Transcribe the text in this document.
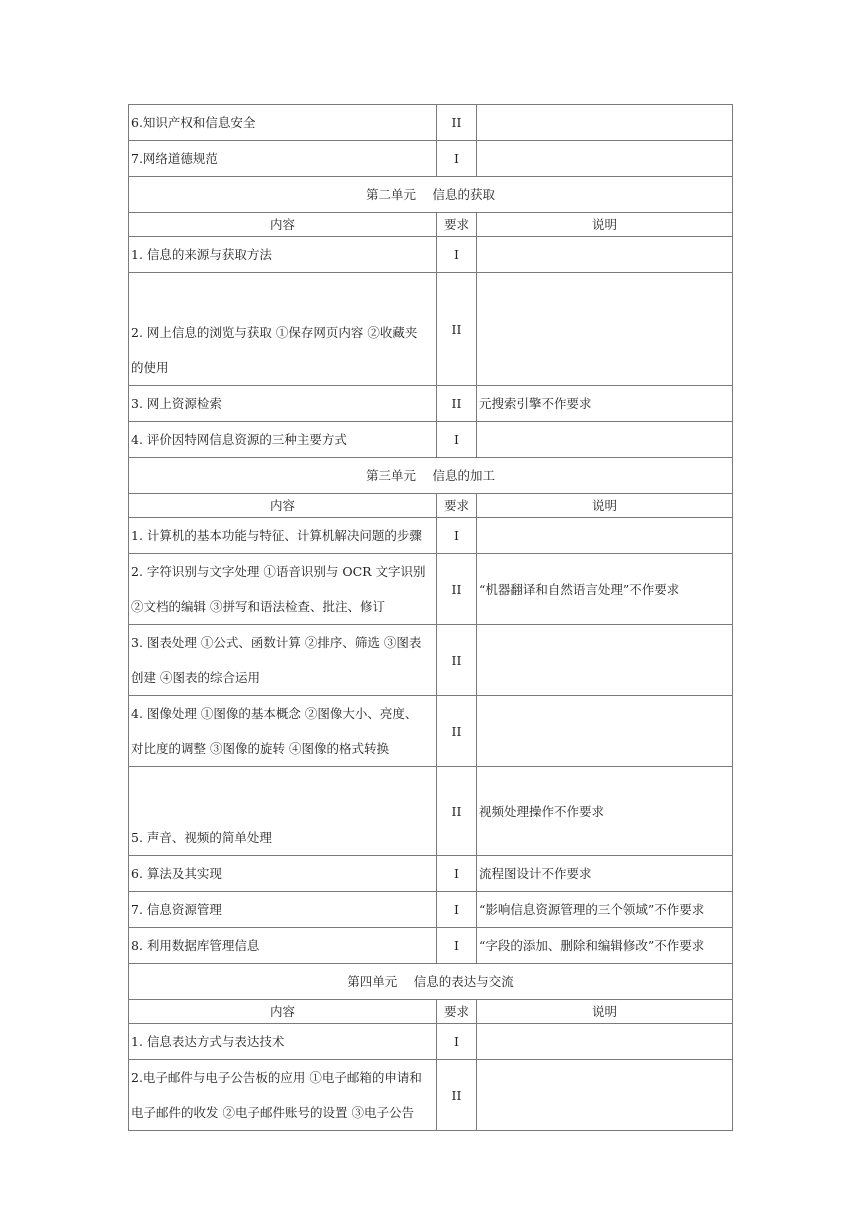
6.知识产权和信息安全	II	

7.网络道德规范	I	
第二单元　 信息的获取		
内容	要求	说明

1. 信息的来源与获取方法	I	

2. 网上信息的浏览与获取 ①保存网页内容 ②收藏夹
的使用	II	

3. 网上资源检索	II	元搜索引擎不作要求

4. 评价因特网信息资源的三种主要方式	I	
第三单元　 信息的加工		
内容	要求	说明

1. 计算机的基本功能与特征、计算机解决问题的步骤	I	

2. 字符识别与文字处理 ①语音识别与 OCR 文字识别
②文档的编辑 ③拼写和语法检查、批注、修订	II	“机器翻译和自然语言处理”不作要求

3. 图表处理 ①公式、函数计算 ②排序、筛选 ③图表
创建 ④图表的综合运用	II	

4. 图像处理 ①图像的基本概念 ②图像大小、亮度、
对比度的调整 ③图像的旋转 ④图像的格式转换	II	

5. 声音、视频的简单处理	II	视频处理操作不作要求

6. 算法及其实现	I	流程图设计不作要求

7. 信息资源管理	I	“影响信息资源管理的三个领域”不作要求

8. 利用数据库管理信息	I	“字段的添加、删除和编辑修改”不作要求
第四单元　 信息的表达与交流		
内容	要求	说明

1. 信息表达方式与表达技术	I	

2.电子邮件与电子公告板的应用 ①电子邮箱的申请和
电子邮件的收发 ②电子邮件账号的设置 ③电子公告	II	
